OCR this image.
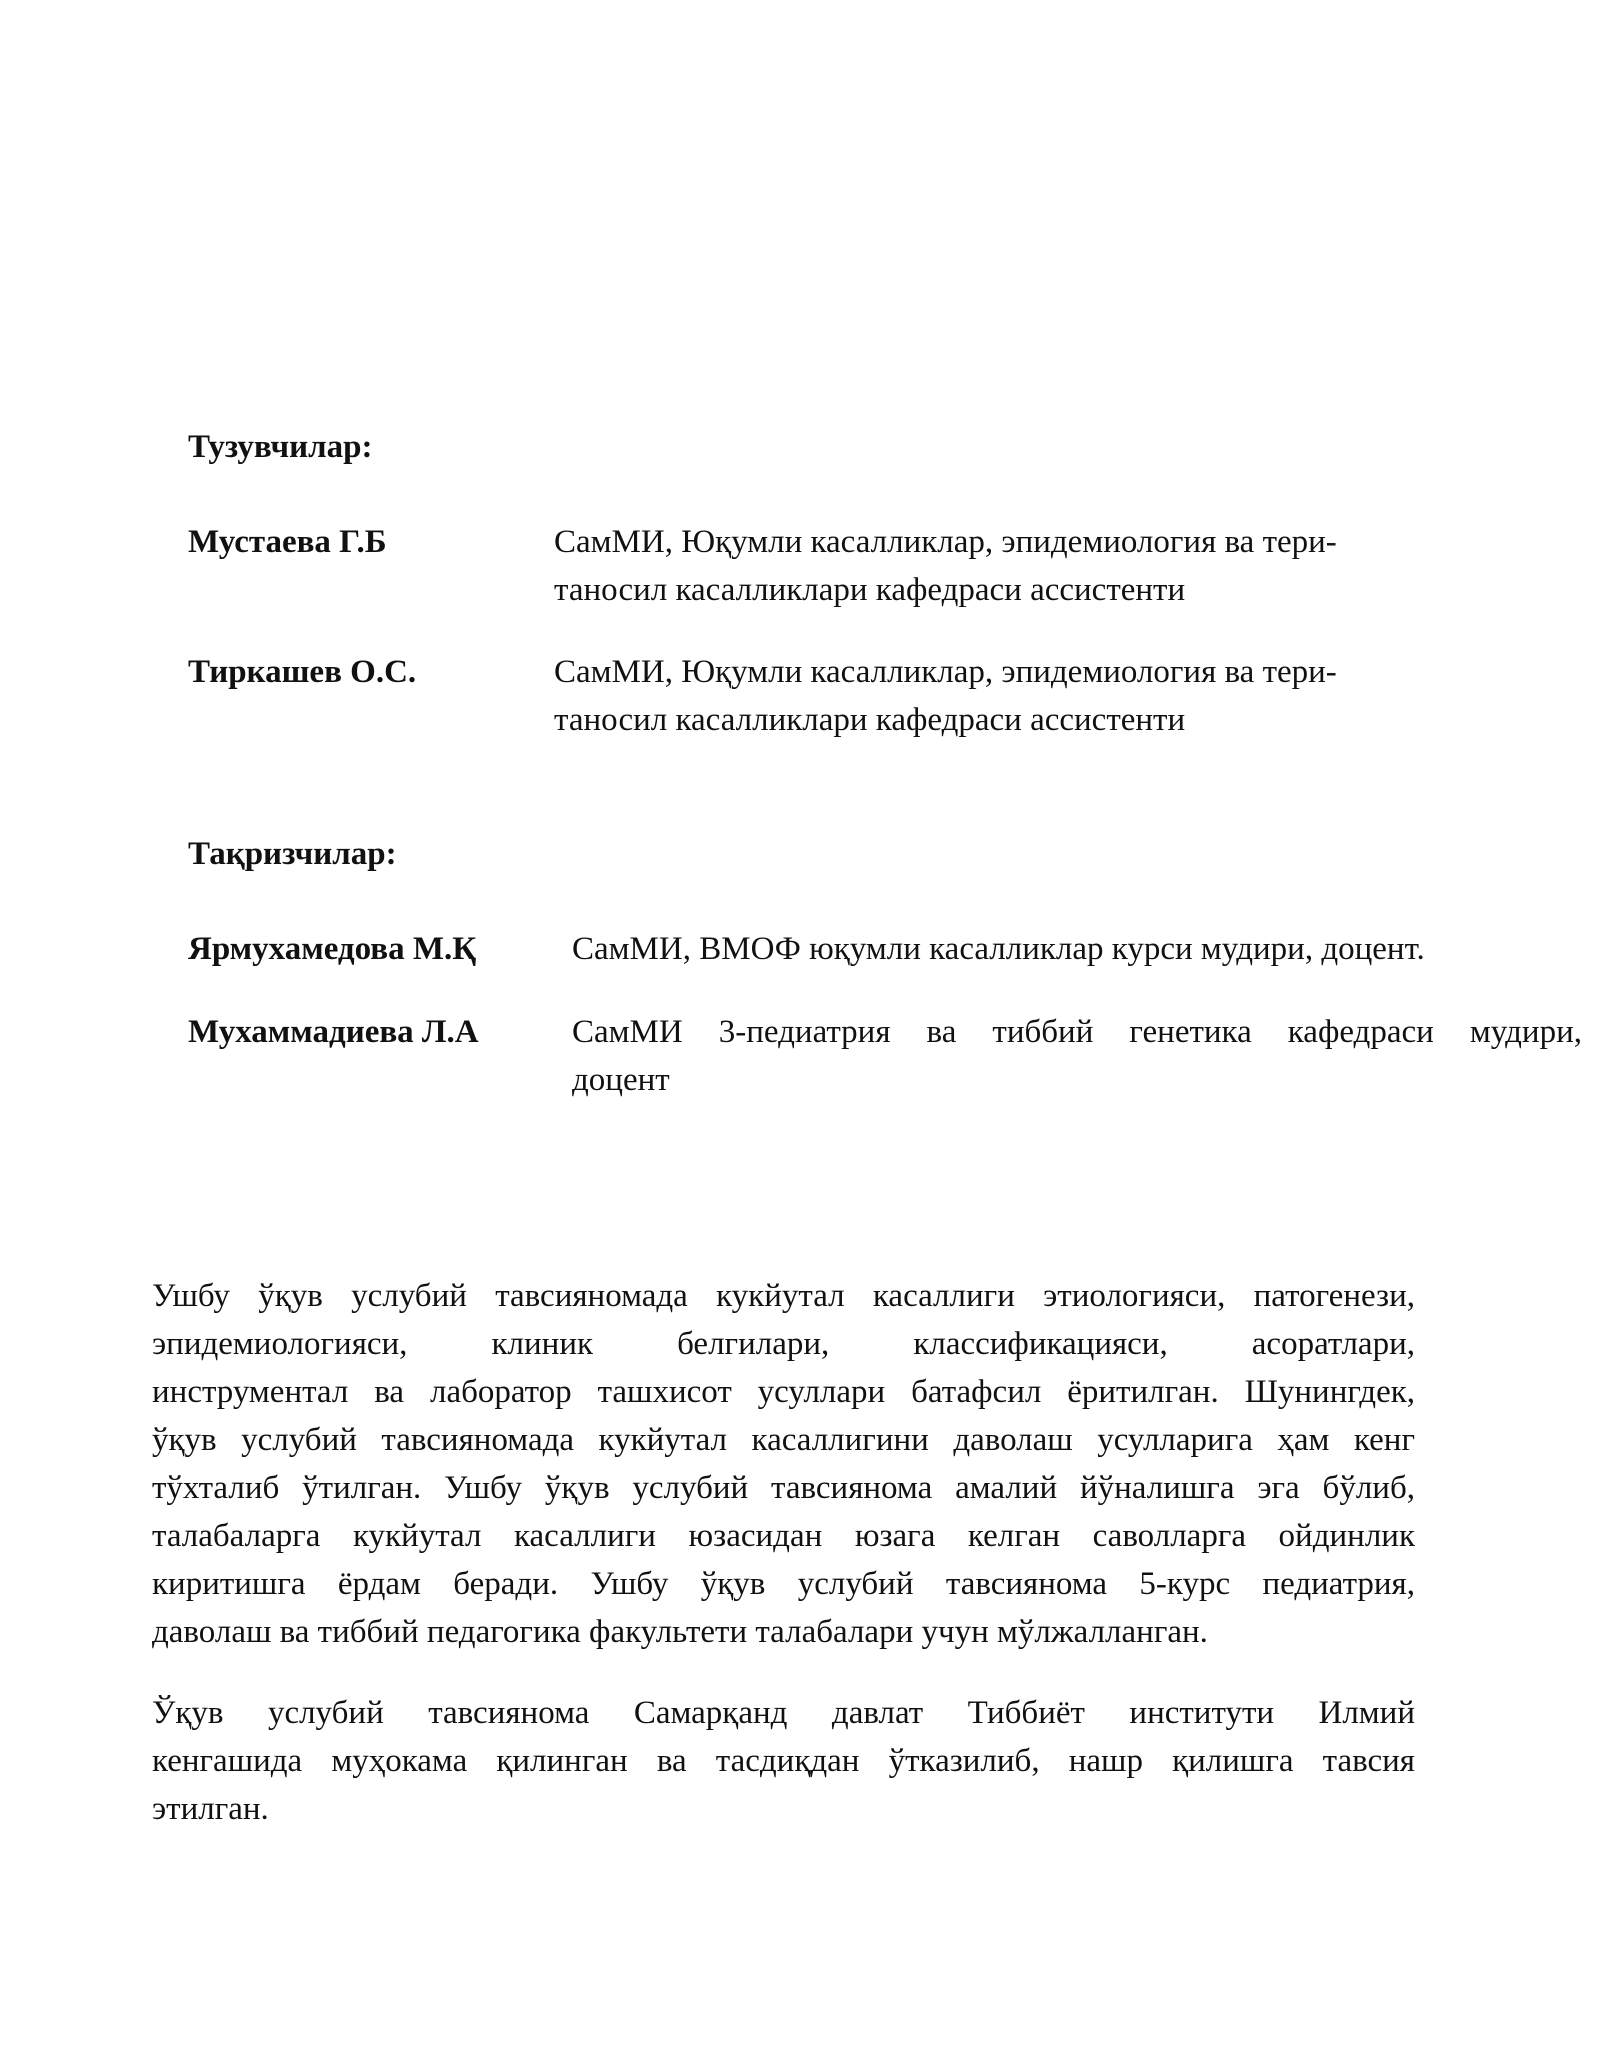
Тузувчилар:
Мустаева Г.Б	СамМИ, Юқумли касалликлар, эпидемиология ва тери-
таносил касалликлари кафедраси ассистенти
Тиркашев О.С.	СамМИ, Юқумли касалликлар, эпидемиология ва тери-
таносил касалликлари кафедраси ассистенти
Тақризчилар:
Ярмухамедова М.Қ	СамМИ, ВМОФ юқумли касалликлар курси мудири, доцент.
Мухаммадиева Л.А	СамМИ 3-педиатрия ва тиббий генетика кафедраси мудири,
доцент
Ушбу ўқув услубий тавсияномада кукйутал касаллиги этиологияси, патогенези,
эпидемиологияси, клиник белгилари, классификацияси, асоратлари,
инструментал ва лаборатор ташхисот усуллари батафсил ёритилган. Шунингдек,
ўқув услубий тавсияномада кукйутал касаллигини даволаш усулларига ҳам кенг
тўхталиб ўтилган. Ушбу ўқув услубий тавсиянома амалий йўналишга эга бўлиб,
талабаларга кукйутал касаллиги юзасидан юзага келган саволларга ойдинлик
киритишга ёрдам беради. Ушбу ўқув услубий тавсиянома 5-курс педиатрия,
даволаш ва тиббий педагогика факультети талабалари учун мўлжалланган.
Ўқув услубий тавсиянома Самарқанд давлат Тиббиёт институти Илмий
кенгашида муҳокама қилинган ва тасдиқдан ўтказилиб, нашр қилишга тавсия
этилган.
